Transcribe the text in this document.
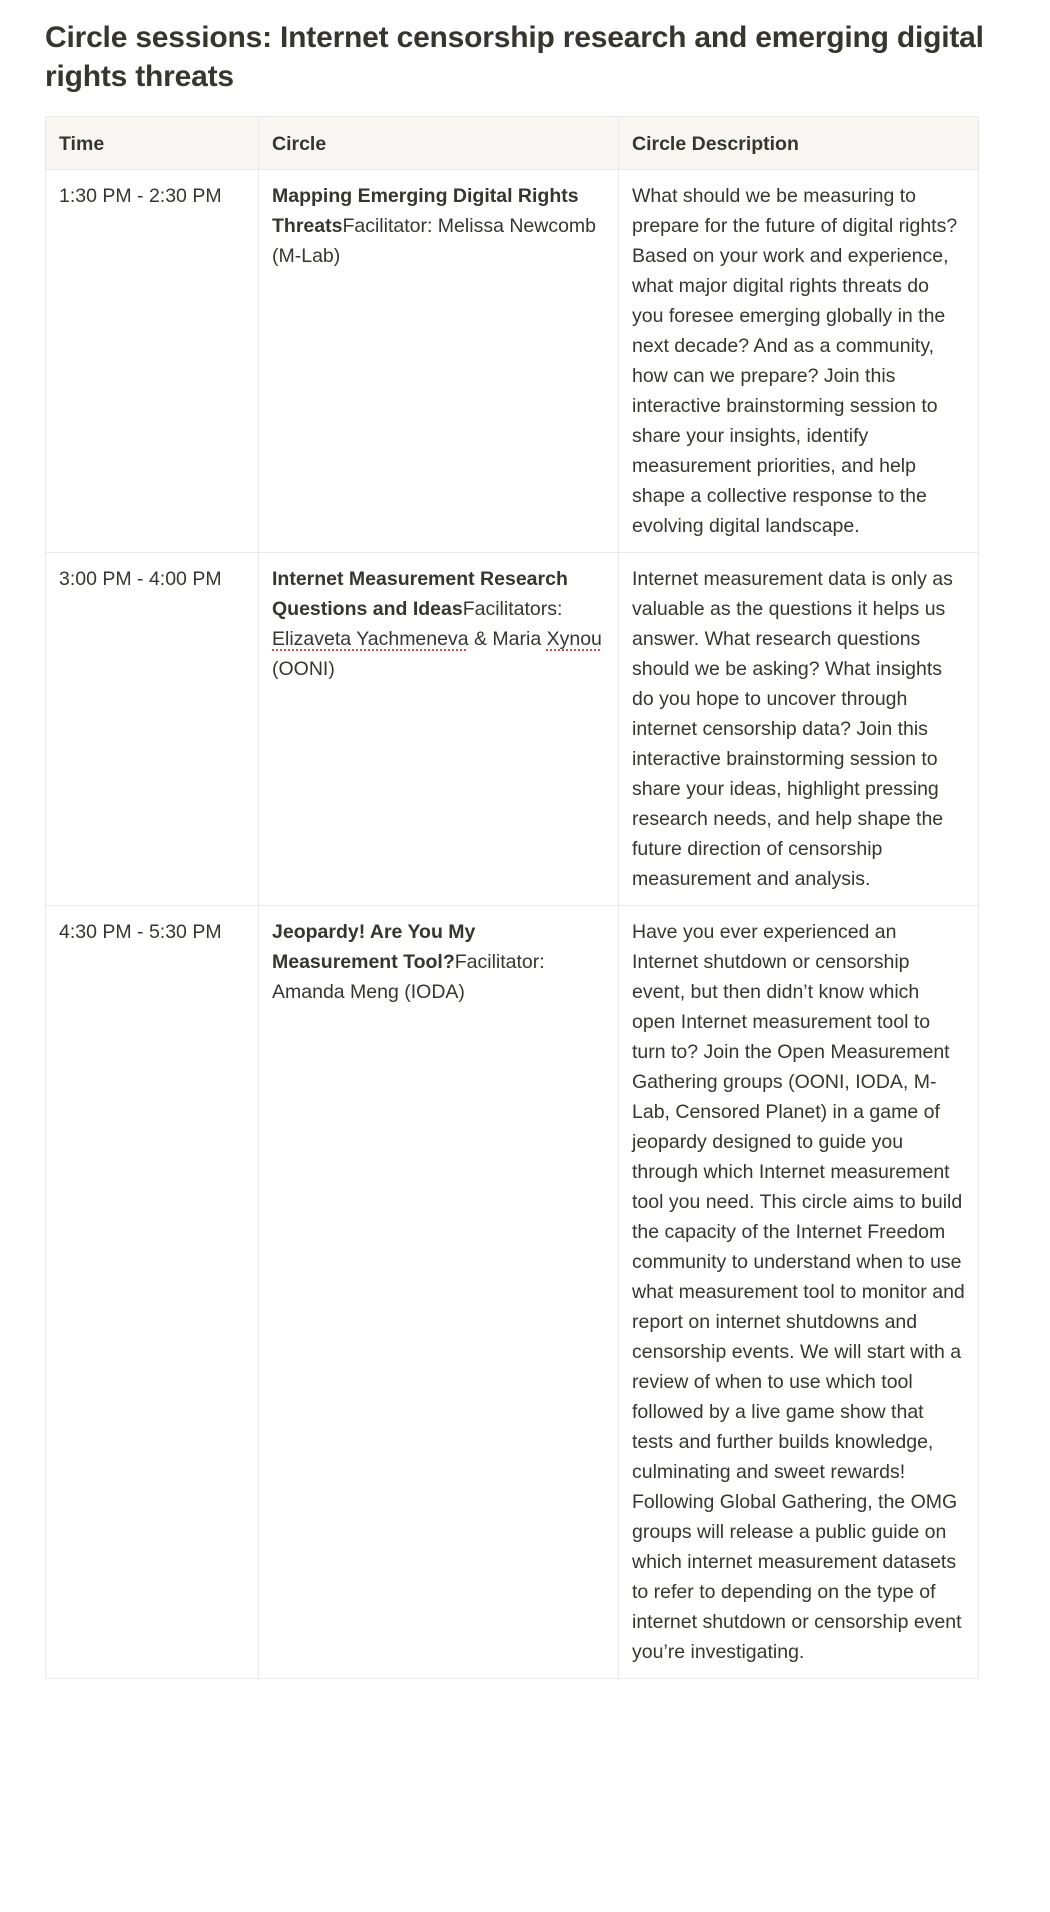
Circle sessions: Internet censorship research and emerging digital rights threats
Time	Circle	Circle Description
1:30 PM - 2:30 PM	Mapping Emerging Digital Rights ThreatsFacilitator: Melissa Newcomb (M-Lab)	What should we be measuring to prepare for the future of digital rights? Based on your work and experience, what major digital rights threats do you foresee emerging globally in the next decade? And as a community, how can we prepare? Join this interactive brainstorming session to share your insights, identify measurement priorities, and help shape a collective response to the evolving digital landscape.
3:00 PM - 4:00 PM	Internet Measurement Research Questions and IdeasFacilitators: Elizaveta Yachmeneva & Maria Xynou (OONI)	Internet measurement data is only as valuable as the questions it helps us answer. What research questions should we be asking? What insights do you hope to uncover through internet censorship data? Join this interactive brainstorming session to share your ideas, highlight pressing research needs, and help shape the future direction of censorship measurement and analysis.
4:30 PM - 5:30 PM	Jeopardy! Are You My Measurement Tool?Facilitator: Amanda Meng (IODA)	Have you ever experienced an Internet shutdown or censorship event, but then didn’t know which open Internet measurement tool to turn to? Join the Open Measurement Gathering groups (OONI, IODA, M-Lab, Censored Planet) in a game of jeopardy designed to guide you through which Internet measurement tool you need. This circle aims to build the capacity of the Internet Freedom community to understand when to use what measurement tool to monitor and report on internet shutdowns and censorship events. We will start with a review of when to use which tool followed by a live game show that tests and further builds knowledge, culminating and sweet rewards! Following Global Gathering, the OMG groups will release a public guide on which internet measurement datasets to refer to depending on the type of internet shutdown or censorship event you’re investigating.
